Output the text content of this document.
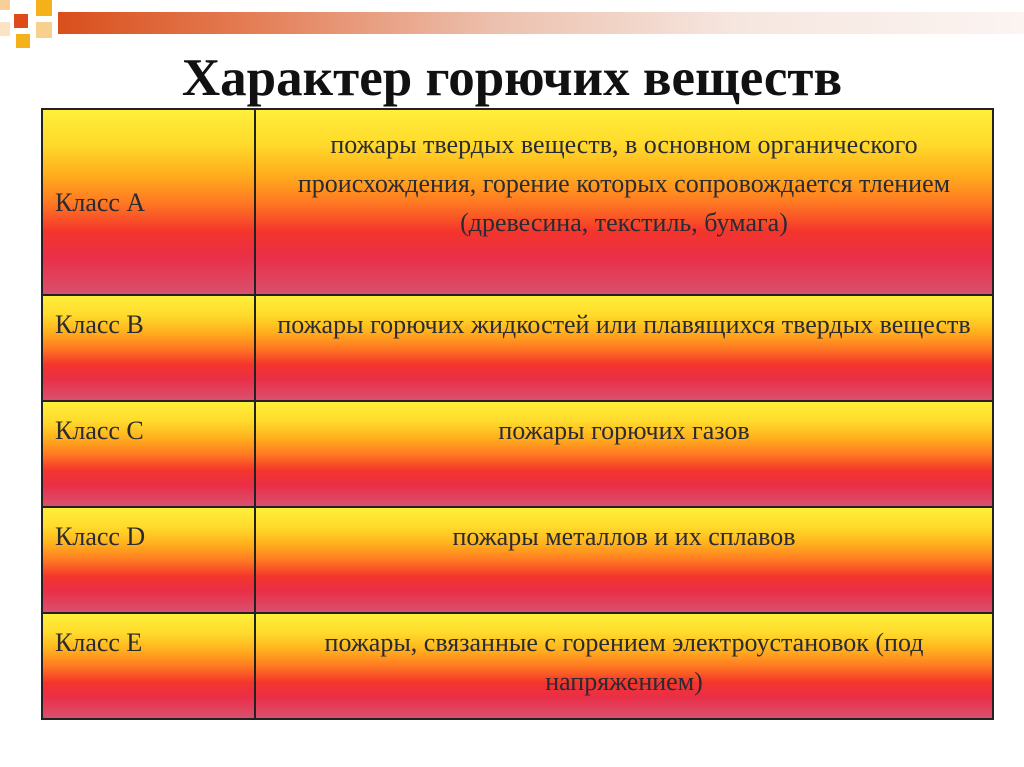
Характер горючих веществ
Класс А	пожары твердых веществ, в основном органического происхождения, горение которых сопровождается тлением (древесина, текстиль, бумага)
Класс В	пожары горючих жидкостей или плавящихся твердых веществ
Класс С	пожары горючих газов
Класс D	пожары металлов и их сплавов
Класс Е	пожары, связанные с горением электроустановок (под напряжением)
